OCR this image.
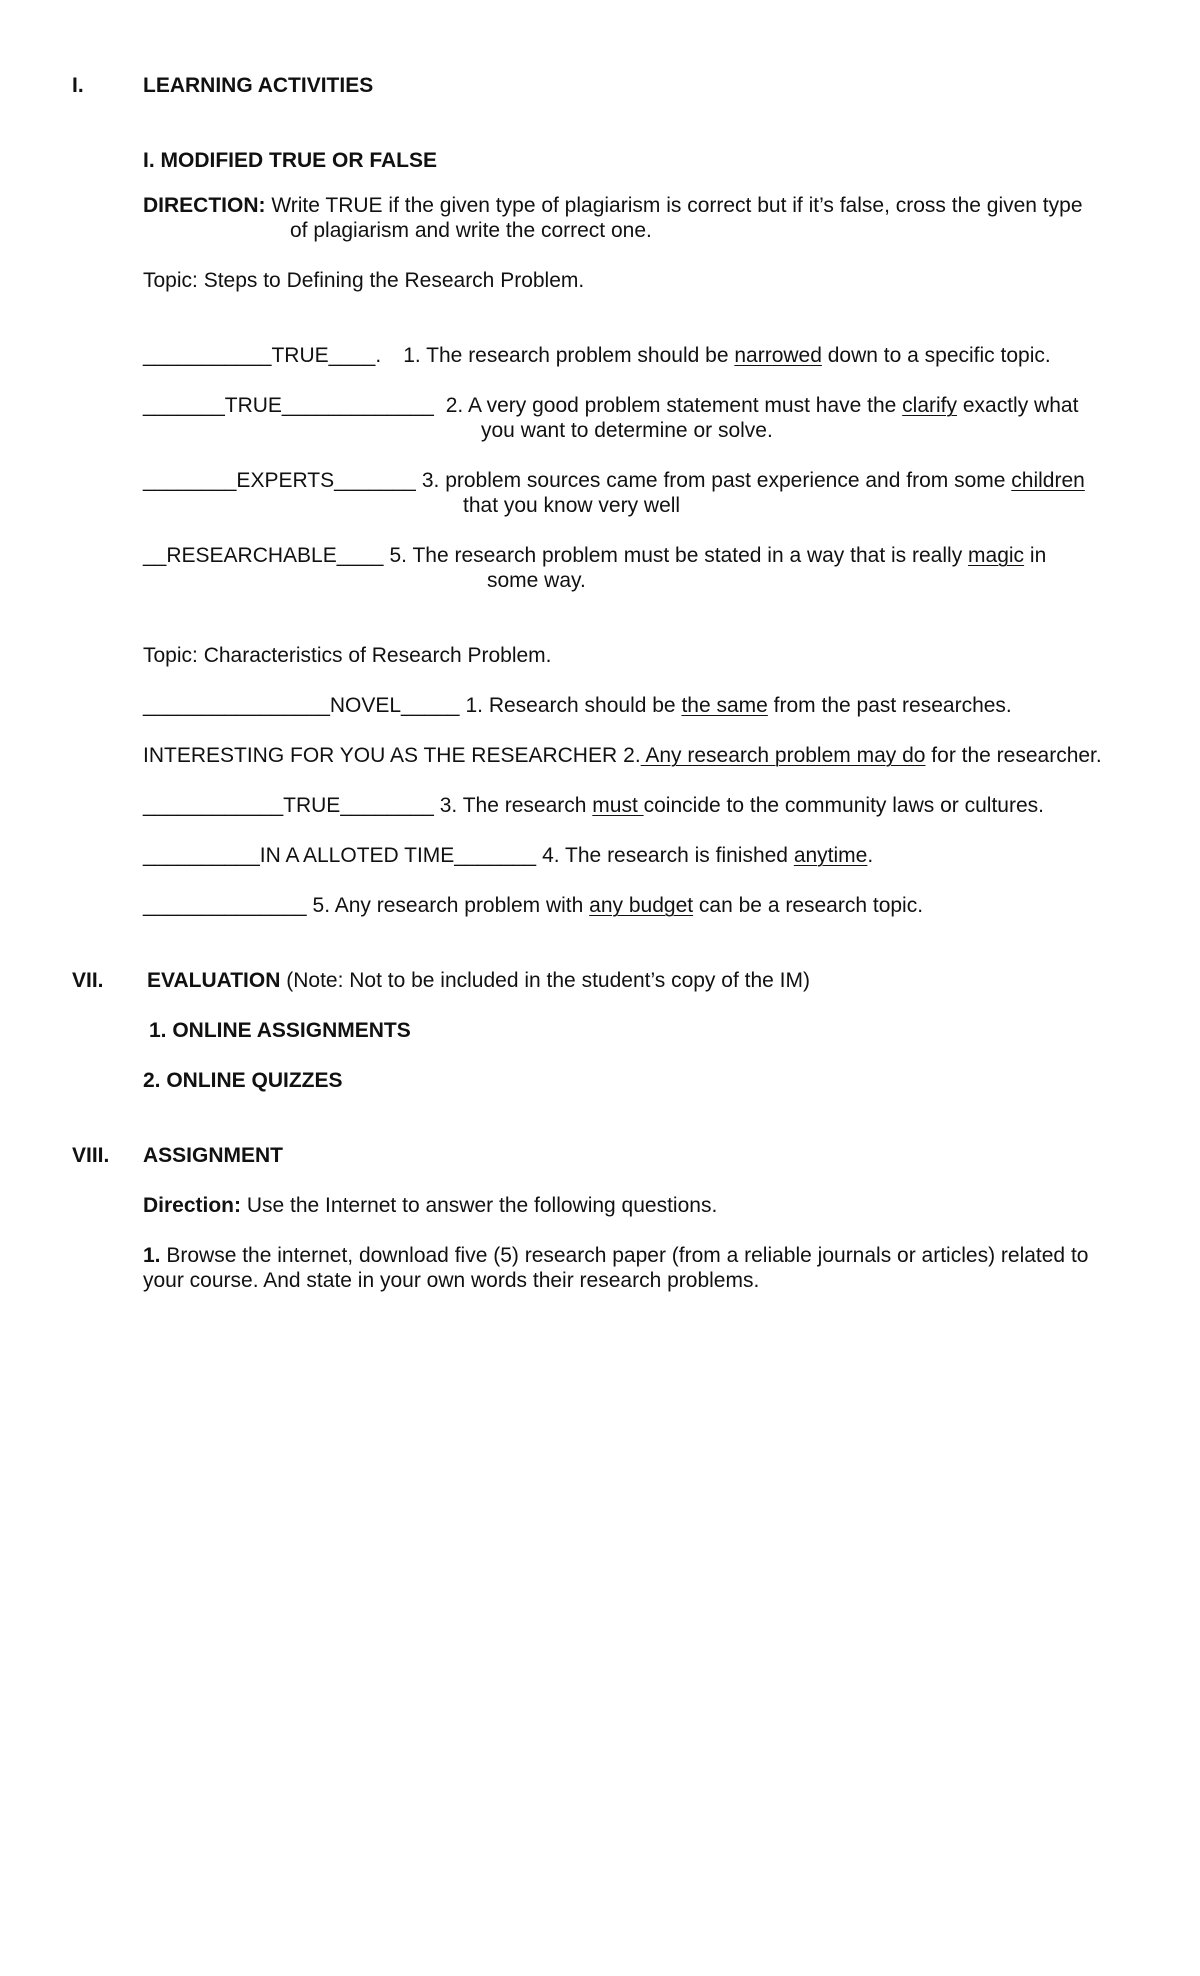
I.	LEARNING ACTIVITIES
I. MODIFIED TRUE OR FALSE
DIRECTION: Write TRUE if the given type of plagiarism is correct but if it’s false, cross the given type
of plagiarism and write the correct one.
Topic: Steps to Defining the Research Problem.
___________TRUE____. 1. The research problem should be narrowed down to a specific topic.
_______TRUE_____________ 2. A very good problem statement must have the clarify exactly what
you want to determine or solve.
________EXPERTS_______ 3. problem sources came from past experience and from some children
that you know very well
__RESEARCHABLE____ 5. The research problem must be stated in a way that is really magic in
some way.
Topic: Characteristics of Research Problem.
________________NOVEL_____ 1. Research should be the same from the past researches.
INTERESTING FOR YOU AS THE RESEARCHER 2. Any research problem may do for the researcher.
____________TRUE________ 3. The research must coincide to the community laws or cultures.
__________IN A ALLOTED TIME_______ 4. The research is finished anytime.
______________ 5. Any research problem with any budget can be a research topic.
VII. EVALUATION (Note: Not to be included in the student’s copy of the IM)
1. ONLINE ASSIGNMENTS
2. ONLINE QUIZZES
VIII. ASSIGNMENT
Direction: Use the Internet to answer the following questions.
1. Browse the internet, download five (5) research paper (from a reliable journals or articles) related to
your course. And state in your own words their research problems.
